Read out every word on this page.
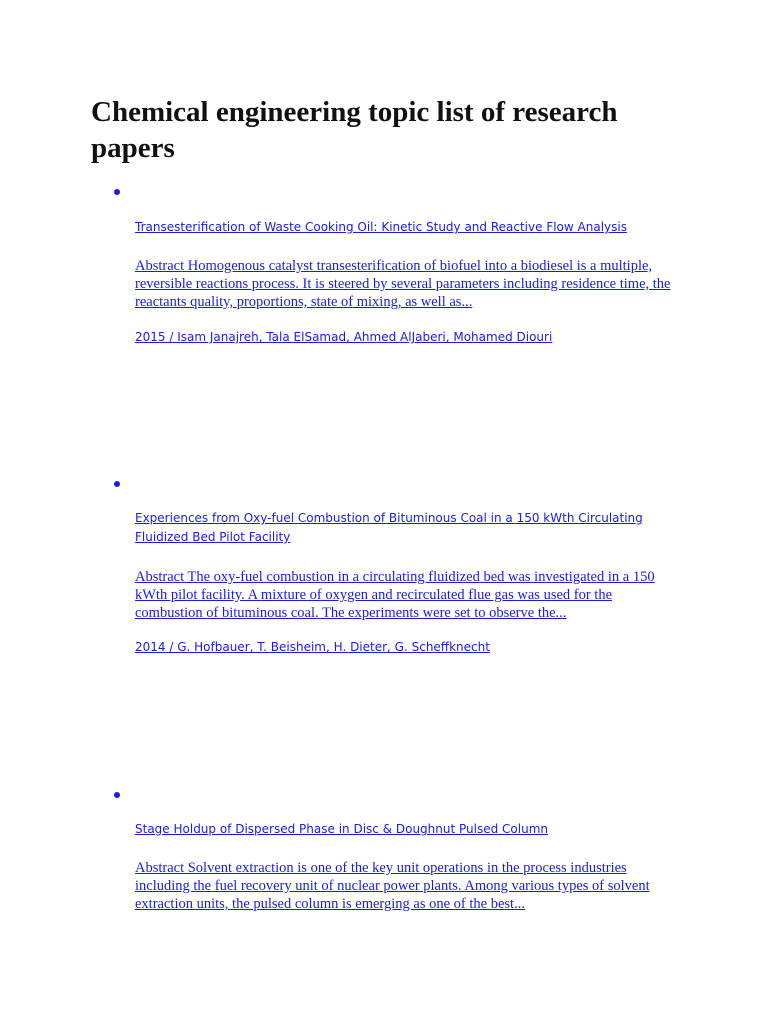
Chemical engineering topic list of research papers
Transesterification of Waste Cooking Oil: Kinetic Study and Reactive Flow Analysis
Abstract Homogenous catalyst transesterification of biofuel into a biodiesel is a multiple, reversible reactions process. It is steered by several parameters including residence time, the reactants quality, proportions, state of mixing, as well as...
2015 / Isam Janajreh, Tala ElSamad, Ahmed AlJaberi, Mohamed Diouri
Experiences from Oxy-fuel Combustion of Bituminous Coal in a 150 kWth Circulating Fluidized Bed Pilot Facility
Abstract The oxy-fuel combustion in a circulating fluidized bed was investigated in a 150 kWth pilot facility. A mixture of oxygen and recirculated flue gas was used for the combustion of bituminous coal. The experiments were set to observe the...
2014 / G. Hofbauer, T. Beisheim, H. Dieter, G. Scheffknecht
Stage Holdup of Dispersed Phase in Disc & Doughnut Pulsed Column
Abstract Solvent extraction is one of the key unit operations in the process industries including the fuel recovery unit of nuclear power plants. Among various types of solvent extraction units, the pulsed column is emerging as one of the best...
